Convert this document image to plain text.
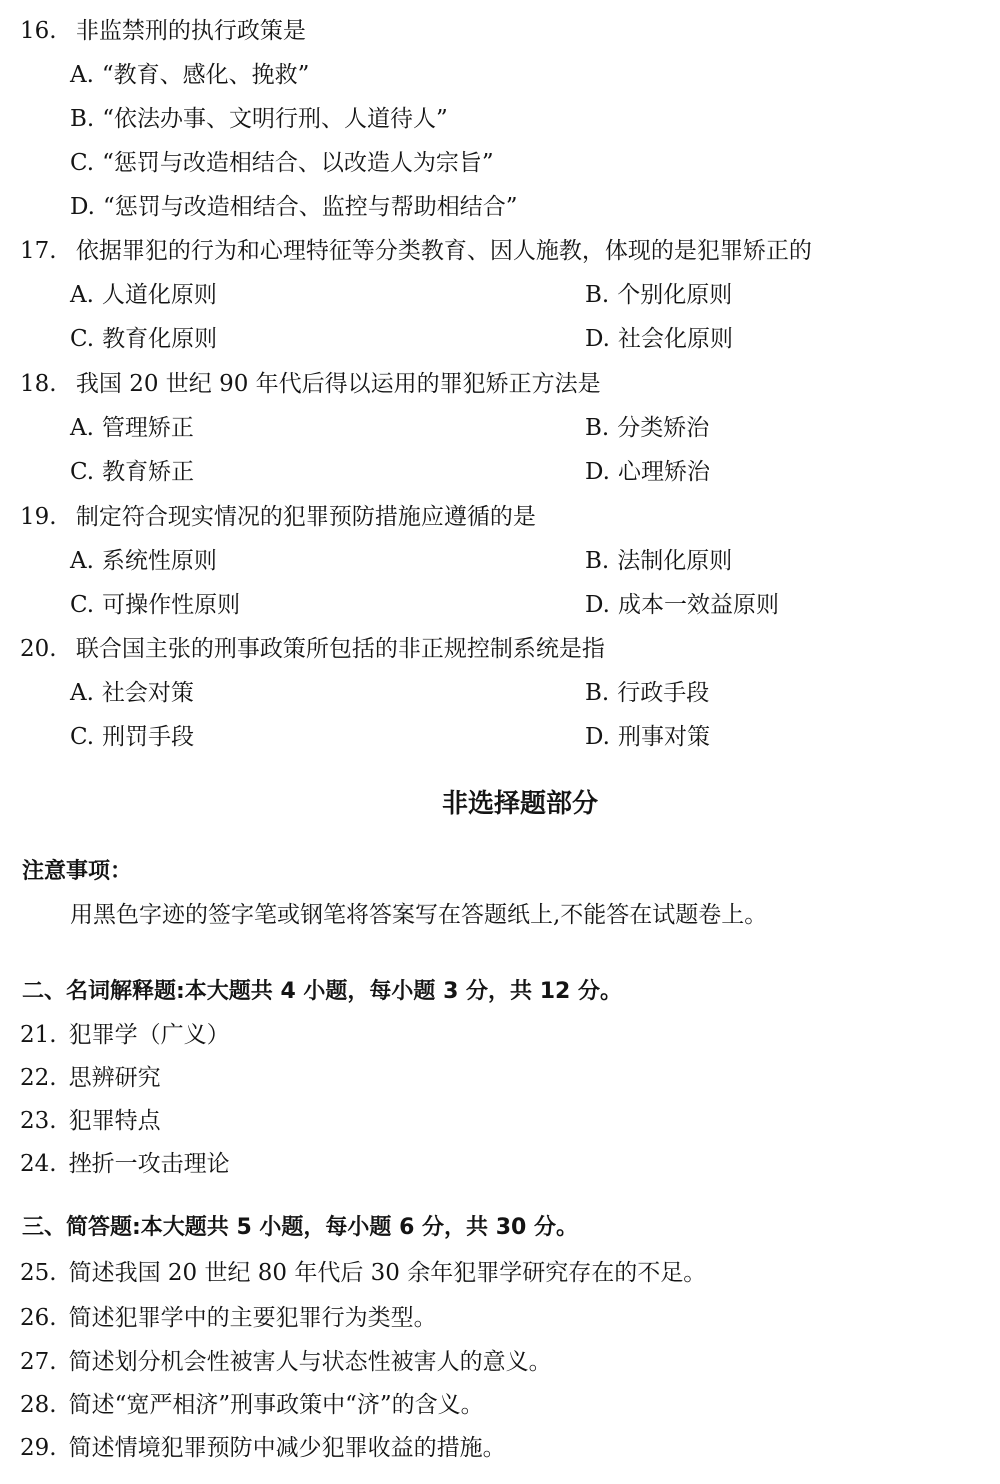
16. 非监禁刑的执行政策是
A. “教育、感化、挽救”
B. “依法办事、文明行刑、人道待人”
C. “惩罚与改造相结合、以改造人为宗旨”
D. “惩罚与改造相结合、监控与帮助相结合”
17. 依据罪犯的行为和心理特征等分类教育、因人施教，体现的是犯罪矫正的
A. 人道化原则	B. 个别化原则
C. 教育化原则	D. 社会化原则
18. 我国 20 世纪 90 年代后得以运用的罪犯矫正方法是
A. 管理矫正	B. 分类矫治
C. 教育矫正	D. 心理矫治
19. 制定符合现实情况的犯罪预防措施应遵循的是
A. 系统性原则	B. 法制化原则
C. 可操作性原则	D. 成本一效益原则
20. 联合国主张的刑事政策所包括的非正规控制系统是指
A. 社会对策	B. 行政手段
C. 刑罚手段	D. 刑事对策
非选择题部分
注意事项：
用黑色字迹的签字笔或钢笔将答案写在答题纸上,不能答在试题卷上。
二、名词解释题:本大题共 4 小题，每小题 3 分，共 12 分。
21. 犯罪学（广义）
22. 思辨研究
23. 犯罪特点
24. 挫折一攻击理论
三、简答题:本大题共 5 小题，每小题 6 分，共 30 分。
25. 简述我国 20 世纪 80 年代后 30 余年犯罪学研究存在的不足。
26. 简述犯罪学中的主要犯罪行为类型。
27. 简述划分机会性被害人与状态性被害人的意义。
28. 简述“宽严相济”刑事政策中“济”的含义。
29. 简述情境犯罪预防中减少犯罪收益的措施。
